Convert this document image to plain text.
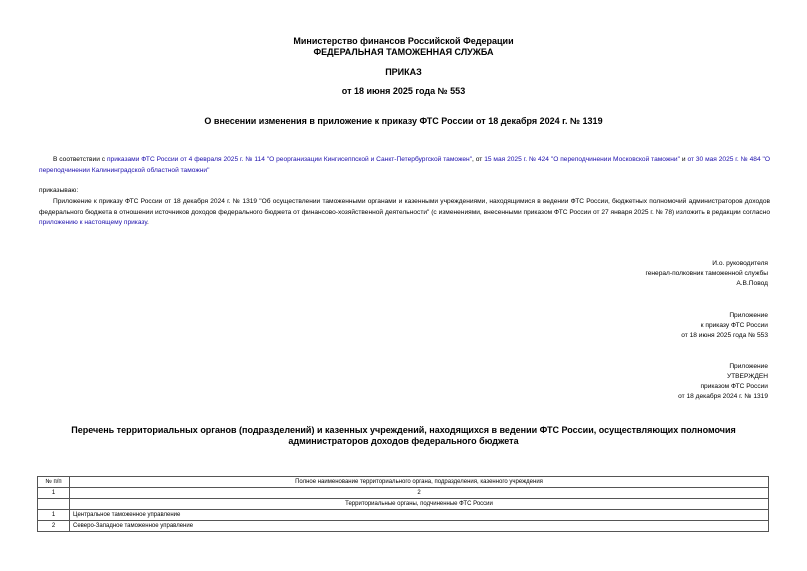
Министерство финансов Российской Федерации
ФЕДЕРАЛЬНАЯ ТАМОЖЕННАЯ СЛУЖБА
ПРИКАЗ
от 18 июня 2025 года № 553
О внесении изменения в приложение к приказу ФТС России от 18 декабря 2024 г. № 1319
В соответствии с приказами ФТС России от 4 февраля 2025 г. № 114 "О реорганизации Кингисеппской и Санкт-Петербургской таможен", от 15 мая 2025 г. № 424 "О переподчинении Московской таможни" и от 30 мая 2025 г. № 484 "О переподчинении Калининградской областной таможни"
приказываю:
Приложение к приказу ФТС России от 18 декабря 2024 г. № 1319 "Об осуществлении таможенными органами и казенными учреждениями, находящимися в ведении ФТС России, бюджетных полномочий администраторов доходов федерального бюджета в отношении источников доходов федерального бюджета от финансово-хозяйственной деятельности" (с изменениями, внесенными приказом ФТС России от 27 января 2025 г. № 78) изложить в редакции согласно приложению к настоящему приказу.
И.о. руководителя
генерал-полковник таможенной службы
А.В.Повод
Приложение
к приказу ФТС России
от 18 июня 2025 года № 553
Приложение
УТВЕРЖДЕН
приказом ФТС России
от 18 декабря 2024 г. № 1319
Перечень территориальных органов (подразделений) и казенных учреждений, находящихся в ведении ФТС России, осуществляющих полномочия
администраторов доходов федерального бюджета
№ п/п	Полное наименование территориального органа, подразделения, казенного учреждения
1	2
	Территориальные органы, подчиненные ФТС России
1	Центральное таможенное управление
2	Северо-Западное таможенное управление
